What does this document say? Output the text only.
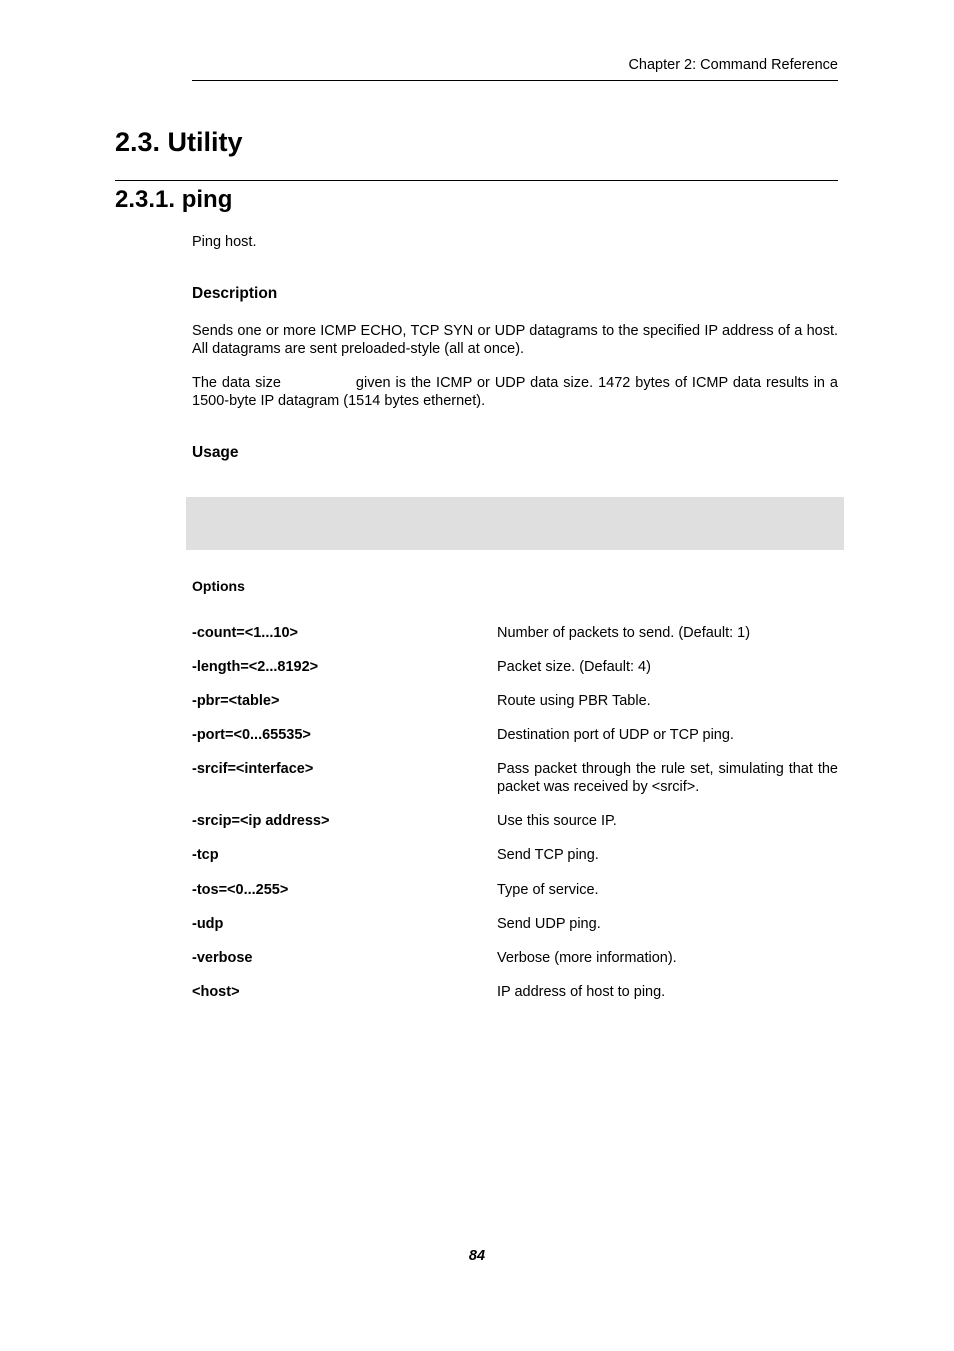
Chapter 2: Command Reference
2.3. Utility
2.3.1. ping
Ping host.
Description
Sends one or more ICMP ECHO, TCP SYN or UDP datagrams to the specified IP address of a host. All datagrams are sent preloaded-style (all at once).
The data size	given is the ICMP or UDP data size. 1472 bytes of ICMP data results in a 1500-byte IP datagram (1514 bytes ethernet).
Usage
Options
-count=<1...10>	Number of packets to send. (Default: 1)
-length=<2...8192>	Packet size. (Default: 4)
-pbr=<table>	Route using PBR Table.
-port=<0...65535>	Destination port of UDP or TCP ping.
-srcif=<interface>	Pass packet through the rule set, simulating that the packet was received by <srcif>.
-srcip=<ip address>	Use this source IP.
-tcp	Send TCP ping.
-tos=<0...255>	Type of service.
-udp	Send UDP ping.
-verbose	Verbose (more information).
<host>	IP address of host to ping.
84
